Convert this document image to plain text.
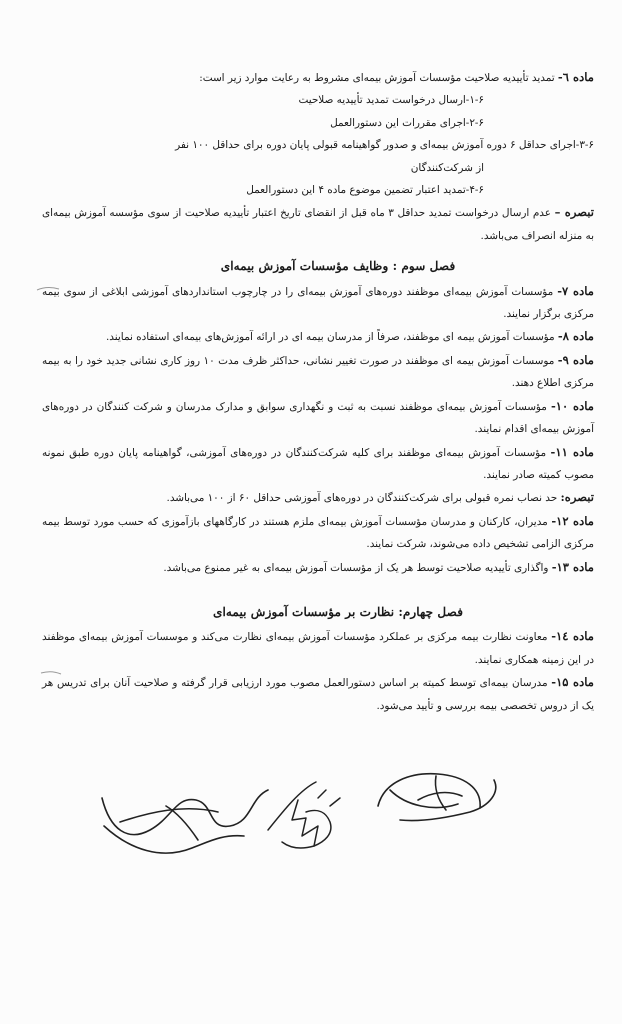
ماده ٦- تمدید تأییدیه صلاحیت مؤسسات آموزش بیمه‌ای مشروط به رعایت موارد زیر است:

۱-۶-ارسال درخواست تمدید تأییدیه صلاحیت

۲-۶-اجرای مقررات این دستورالعمل

۳-۶-اجرای حداقل ۶ دوره آموزش بیمه‌ای و صدور گواهینامه قبولی پایان دوره برای حداقل ۱۰۰ نفر

از شرکت‌کنندگان

۴-۶-تمدید اعتبار تضمین موضوع ماده ۴ این دستورالعمل

تبصره – عدم ارسال درخواست تمدید حداقل ۳ ماه قبل از انقضای تاریخ اعتبار تأییدیه صلاحیت از سوی مؤسسه آموزش بیمه‌ای به منزله انصراف می‌باشد.

فصل سوم : وظایف مؤسسات آموزش بیمه‌ای

ماده ۷- مؤسسات آموزش بیمه‌ای موظفند دوره‌های آموزش بیمه‌ای را در چارچوب استانداردهای آموزشی ابلاغی از سوی بیمه مرکزی برگزار نمایند.

ماده ۸- مؤسسات آموزش بیمه ای موظفند، صرفاً از مدرسان بیمه ای در ارائه آموزش‌های بیمه‌ای استفاده نمایند.

ماده ۹- موسسات آموزش بیمه ای موظفند در صورت تغییر نشانی، حداکثر ظرف مدت ۱۰ روز کاری نشانی جدید خود را به بیمه مرکزی اطلاع دهند.

ماده ۱۰- مؤسسات آموزش بیمه‌ای موظفند نسبت به ثبت و نگهداری سوابق و مدارک مدرسان و شرکت کنندگان در دوره‌های آموزش بیمه‌ای اقدام نمایند.

ماده ۱۱- مؤسسات آموزش بیمه‌ای موظفند برای کلیه شرکت‌کنندگان در دوره‌های آموزشی، گواهینامه پایان دوره طبق نمونه مصوب کمیته صادر نمایند.

تبصره: حد نصاب نمره قبولی برای شرکت‌کنندگان در دوره‌های آموزشی حداقل ۶۰ از ۱۰۰ می‌باشد.

ماده ۱۲- مدیران، کارکنان و مدرسان مؤسسات آموزش بیمه‌ای ملزم هستند در کارگاههای بازآموزی که حسب مورد توسط بیمه مرکزی الزامی تشخیص داده می‌شوند، شرکت نمایند.

ماده ۱۳- واگذاری تأییدیه صلاحیت توسط هر یک از مؤسسات آموزش بیمه‌ای به غیر ممنوع می‌باشد.

فصل چهارم: نظارت بر مؤسسات آموزش بیمه‌ای

ماده ۱٤- معاونت نظارت بیمه مرکزی بر عملکرد مؤسسات آموزش بیمه‌ای نظارت می‌کند و موسسات آموزش بیمه‌ای موظفند در این زمینه همکاری نمایند.

ماده ۱۵- مدرسان بیمه‌ای توسط کمیته بر اساس دستورالعمل مصوب مورد ارزیابی قرار گرفته و صلاحیت آنان برای تدریس هر یک از دروس تخصصی بیمه بررسی و تأیید می‌شود.
